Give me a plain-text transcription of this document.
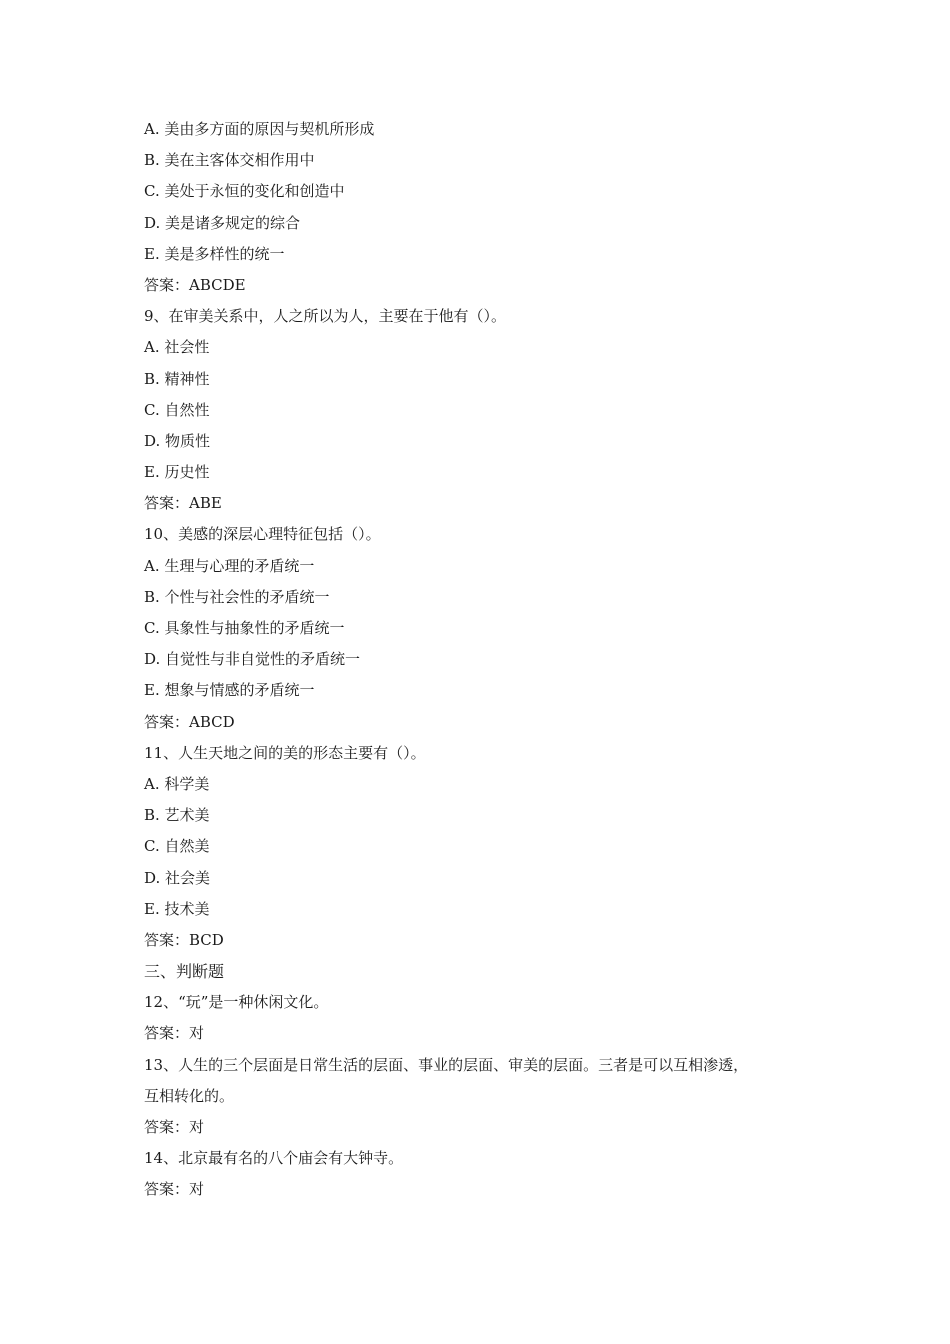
A. 美由多方面的原因与契机所形成
B. 美在主客体交相作用中
C. 美处于永恒的变化和创造中
D. 美是诸多规定的综合
E. 美是多样性的统一
答案：ABCDE
9、在审美关系中，人之所以为人，主要在于他有（）。
A. 社会性
B. 精神性
C. 自然性
D. 物质性
E. 历史性
答案：ABE
10、美感的深层心理特征包括（）。
A. 生理与心理的矛盾统一
B. 个性与社会性的矛盾统一
C. 具象性与抽象性的矛盾统一
D. 自觉性与非自觉性的矛盾统一
E. 想象与情感的矛盾统一
答案：ABCD
11、人生天地之间的美的形态主要有（）。
A. 科学美
B. 艺术美
C. 自然美
D. 社会美
E. 技术美
答案：BCD
三、判断题
12、“玩”是一种休闲文化。
答案：对
13、人生的三个层面是日常生活的层面、事业的层面、审美的层面。三者是可以互相渗透，
互相转化的。
答案：对
14、北京最有名的八个庙会有大钟寺。
答案：对
